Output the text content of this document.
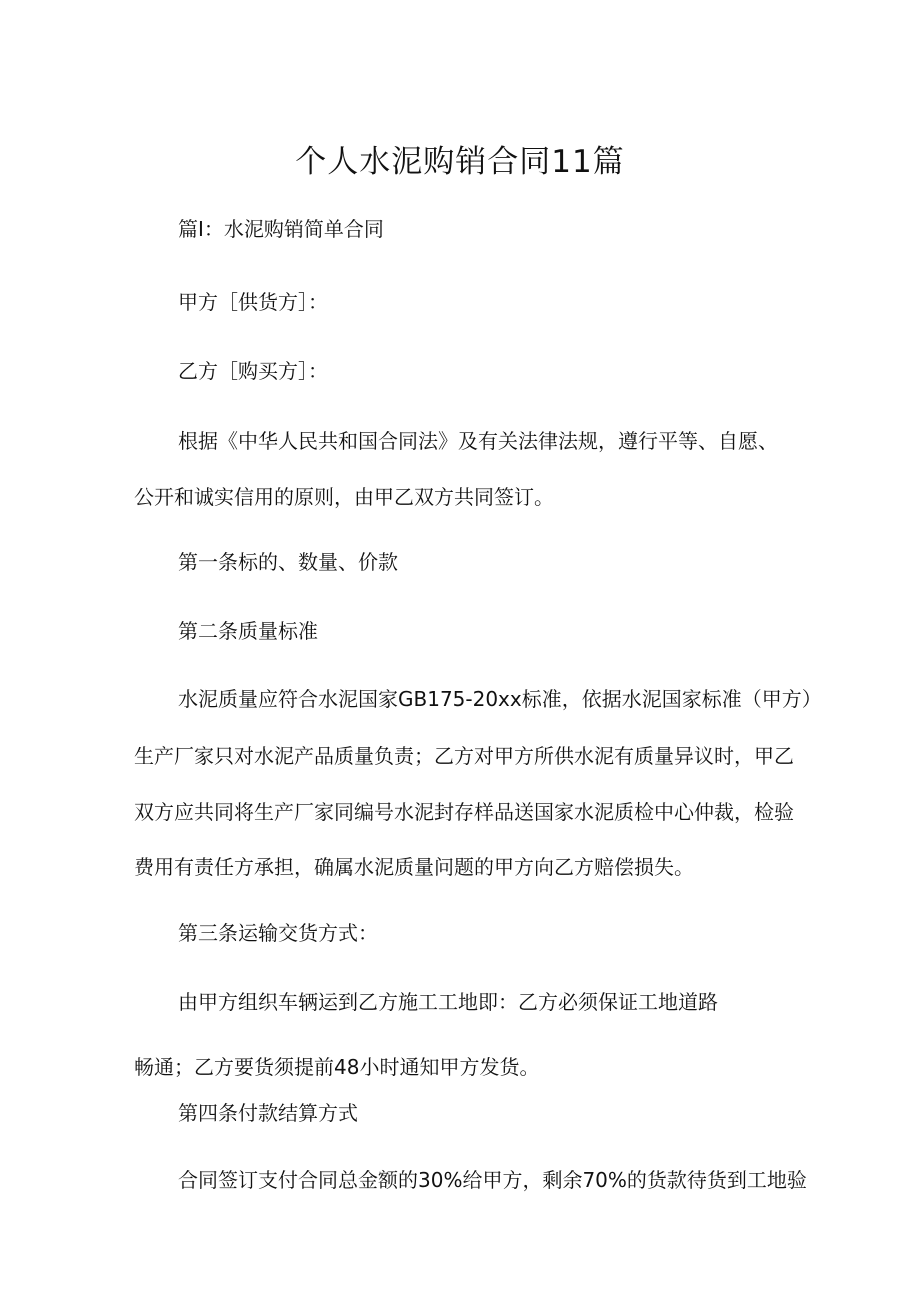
个人水泥购销合同11篇

篇Ⅰ：水泥购销简单合同

甲方［供货方］：

乙方［购买方］：

根据《中华人民共和国合同法》及有关法律法规，遵行平等、自愿、

公开和诚实信用的原则，由甲乙双方共同签订。

第一条标的、数量、价款

第二条质量标准

水泥质量应符合水泥国家GB175-20xx标准，依据水泥国家标准（甲方）

生产厂家只对水泥产品质量负责；乙方对甲方所供水泥有质量异议时，甲乙

双方应共同将生产厂家同编号水泥封存样品送国家水泥质检中心仲裁，检验

费用有责任方承担，确属水泥质量问题的甲方向乙方赔偿损失。

第三条运输交货方式：

由甲方组织车辆运到乙方施工工地即：乙方必须保证工地道路

畅通；乙方要货须提前48小时通知甲方发货。

第四条付款结算方式

合同签订支付合同总金额的30%给甲方，剩余70%的货款待货到工地验
